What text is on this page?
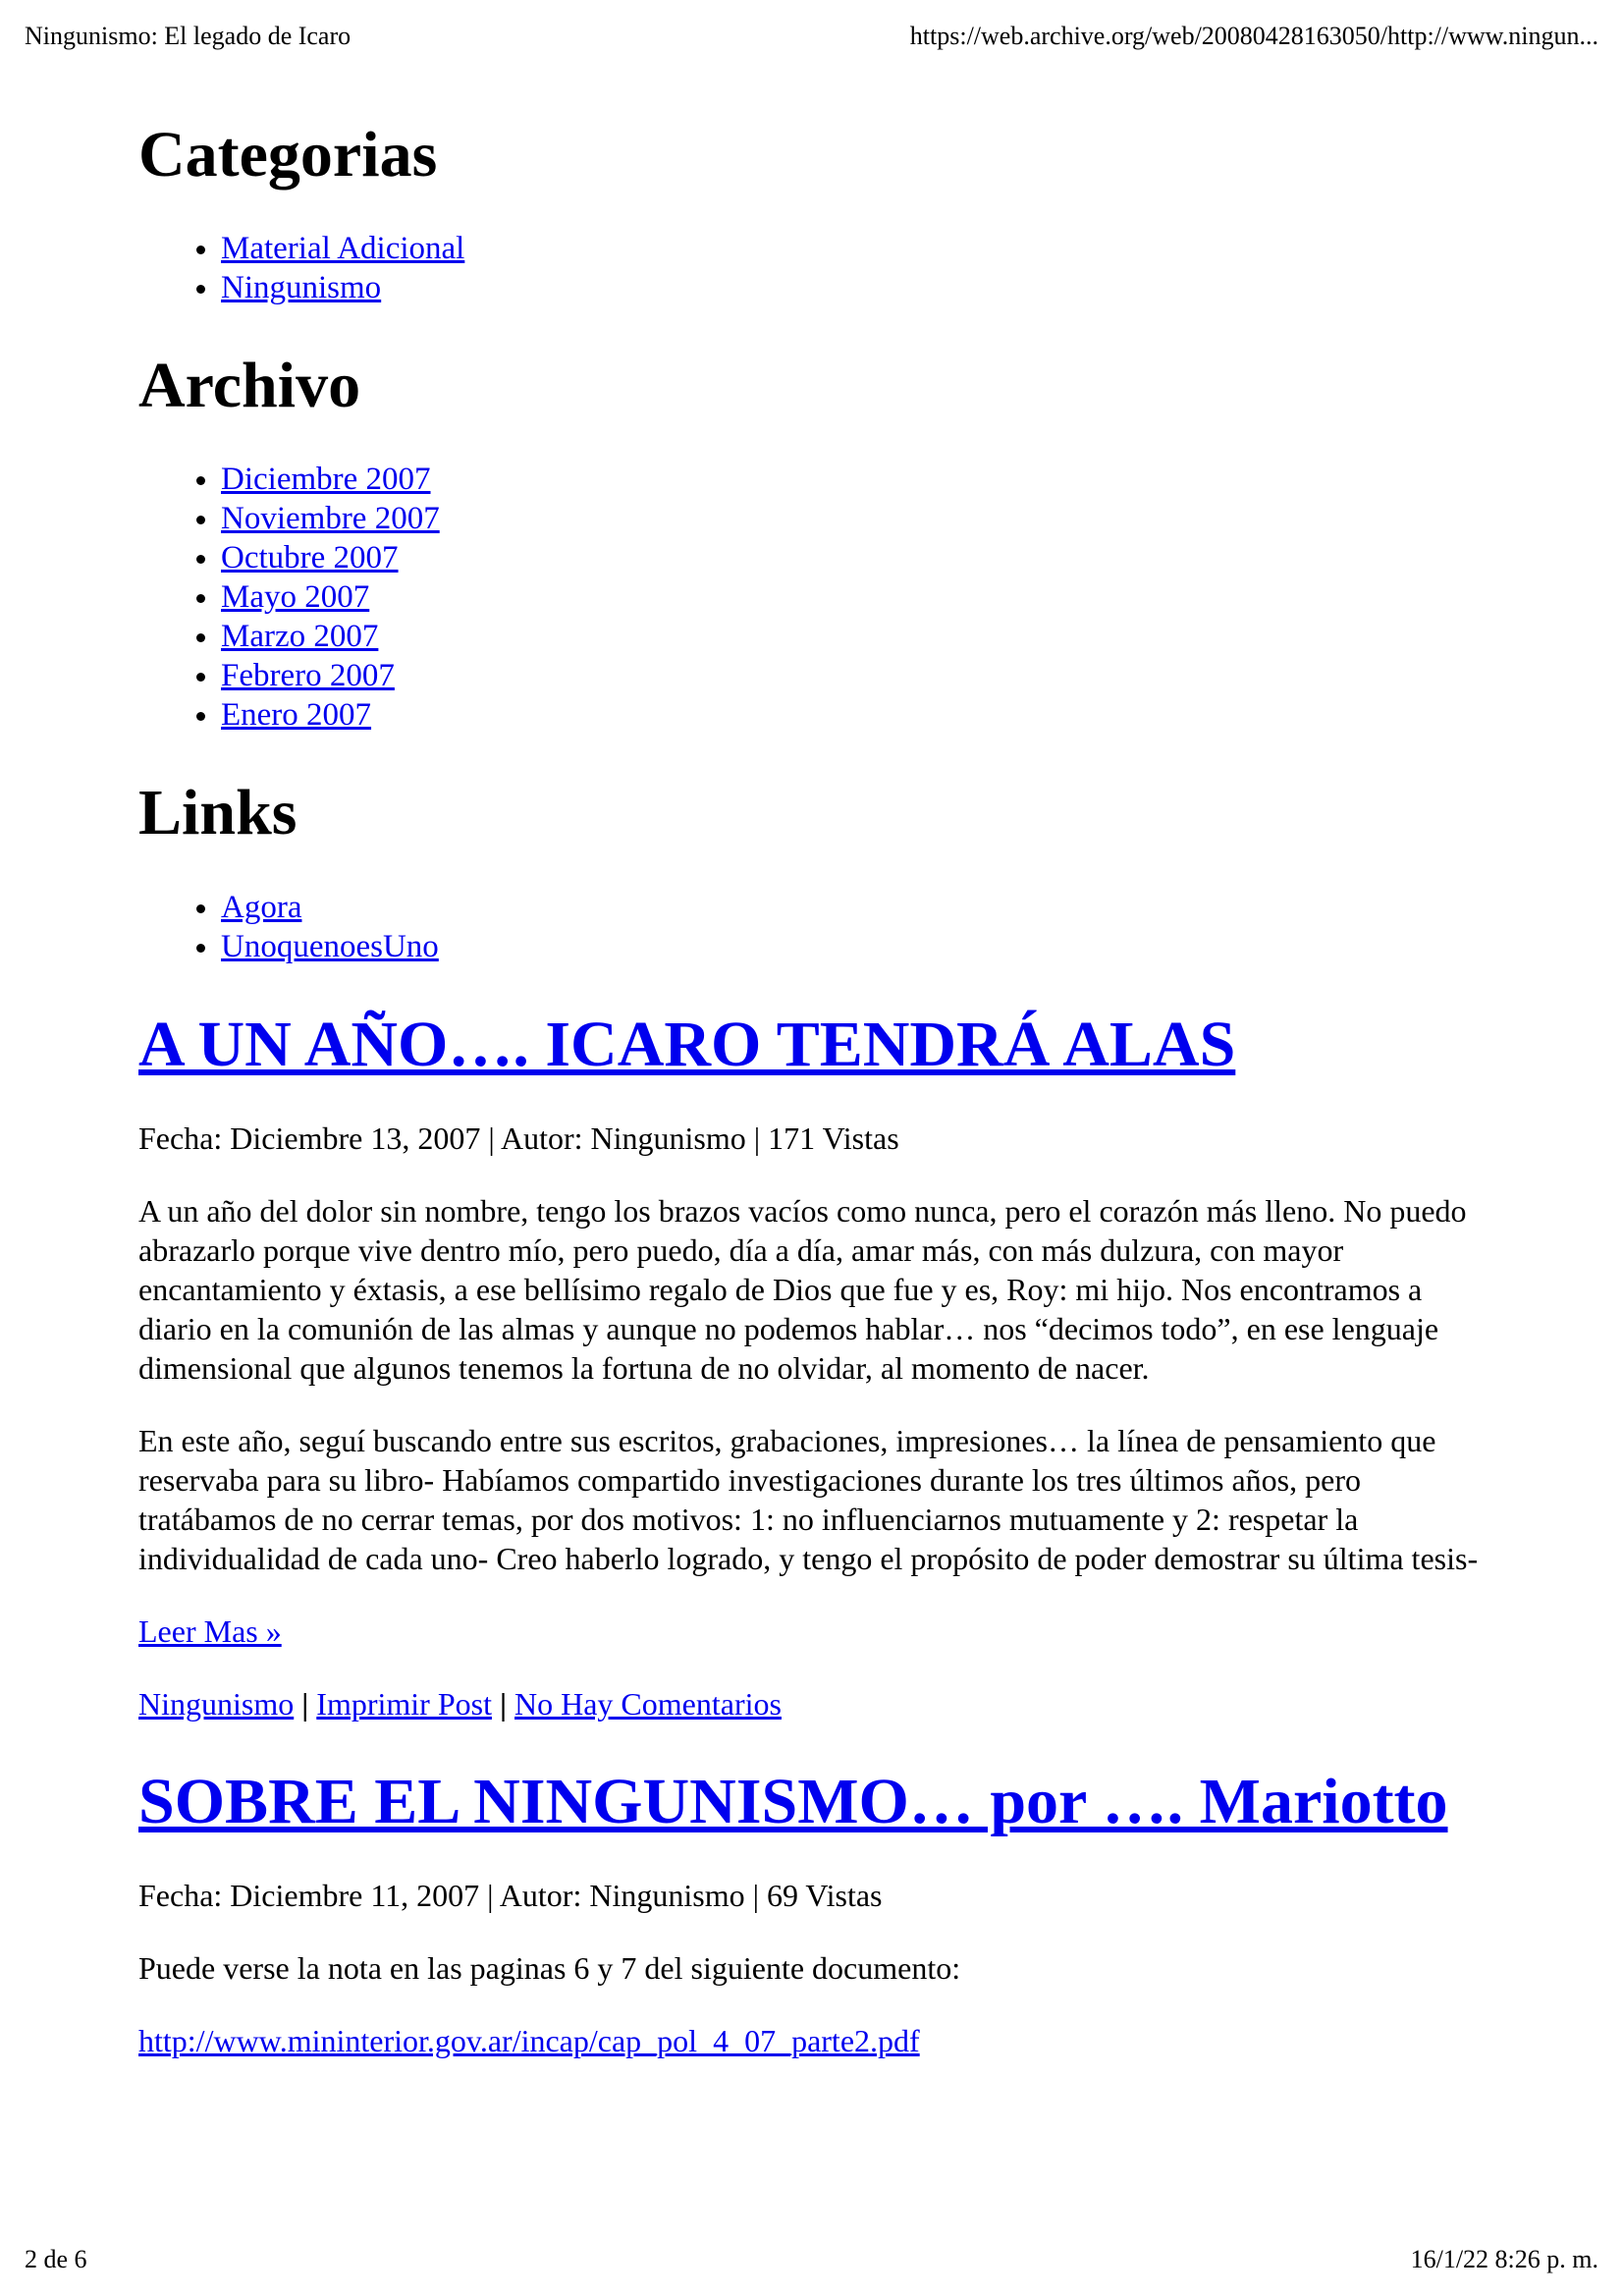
Ningunismo: El legado de Icaro	https://web.archive.org/web/20080428163050/http://www.ningun...
Categorias
• Material Adicional
• Ningunismo
Archivo
• Diciembre 2007
• Noviembre 2007
• Octubre 2007
• Mayo 2007
• Marzo 2007
• Febrero 2007
• Enero 2007
Links
• Agora
• UnoquenoesUno
A UN AÑO…. ICARO TENDRÁ ALAS
Fecha: Diciembre 13, 2007 | Autor: Ningunismo | 171 Vistas

A un año del dolor sin nombre, tengo los brazos vacíos como nunca, pero el corazón más lleno. No puedo abrazarlo porque vive dentro mío, pero puedo, día a día, amar más, con más dulzura, con mayor encantamiento y éxtasis, a ese bellísimo regalo de Dios que fue y es, Roy: mi hijo. Nos encontramos a diario en la comunión de las almas y aunque no podemos hablar… nos “decimos todo”, en ese lenguaje dimensional que algunos tenemos la fortuna de no olvidar, al momento de nacer.

En este año, seguí buscando entre sus escritos, grabaciones, impresiones… la línea de pensamiento que reservaba para su libro- Habíamos compartido investigaciones durante los tres últimos años, pero tratábamos de no cerrar temas, por dos motivos: 1: no influenciarnos mutuamente y 2: respetar la individualidad de cada uno- Creo haberlo logrado, y tengo el propósito de poder demostrar su última tesis-

Leer Mas »

Ningunismo | Imprimir Post | No Hay Comentarios
SOBRE EL NINGUNISMO… por …. Mariotto
Fecha: Diciembre 11, 2007 | Autor: Ningunismo | 69 Vistas

Puede verse la nota en las paginas 6 y 7 del siguiente documento:

http://www.mininterior.gov.ar/incap/cap_pol_4_07_parte2.pdf

2 de 6	16/1/22 8:26 p. m.
